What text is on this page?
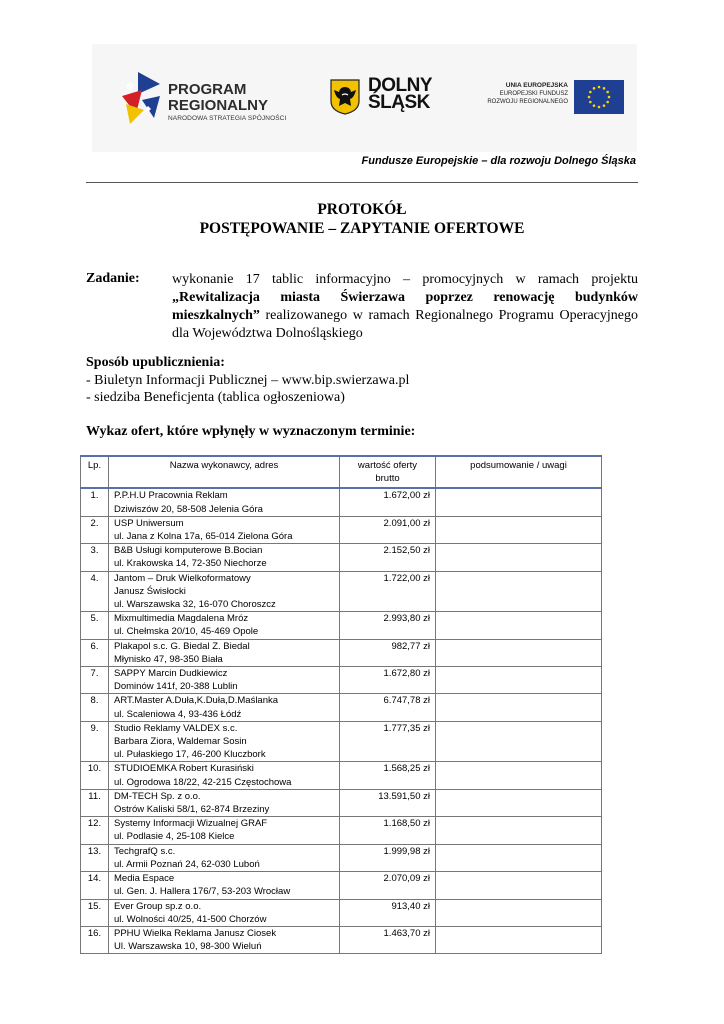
PROGRAM
REGIONALNY
NARODOWA STRATEGIA SPÓJNOŚCI
DOLNY
ŚLĄSK
UNIA EUROPEJSKA
EUROPEJSKI FUNDUSZ
ROZWOJU REGIONALNEGO
Fundusze Europejskie – dla rozwoju Dolnego Śląska
PROTOKÓŁ
POSTĘPOWANIE – ZAPYTANIE OFERTOWE
Zadanie: wykonanie 17 tablic informacyjno – promocyjnych w ramach projektu „Rewitalizacja miasta Świerzawa poprzez renowację budynków mieszkalnych” realizowanego w ramach Regionalnego Programu Operacyjnego dla Województwa Dolnośląskiego
Sposób upublicznienia:
- Biuletyn Informacji Publicznej – www.bip.swierzawa.pl
- siedziba Beneficjenta (tablica ogłoszeniowa)
Wykaz ofert, które wpłynęły w wyznaczonym terminie:
Lp.	Nazwa wykonawcy, adres	wartość oferty brutto	podsumowanie / uwagi
1.	P.P.H.U Pracownia Reklam
Dziwiszów 20, 58-508 Jelenia Góra	1.672,00 zł	
2.	USP Uniwersum
ul. Jana z Kolna 17a, 65-014 Zielona Góra	2.091,00 zł	
3.	B&B Usługi komputerowe B.Bocian
ul. Krakowska 14, 72-350 Niechorze	2.152,50 zł	
4.	Jantom – Druk Wielkoformatowy
Janusz Świsłocki
ul. Warszawska 32, 16-070 Choroszcz	1.722,00 zł	
5.	Mixmultimedia Magdalena Mróz
ul. Chełmska 20/10, 45-469 Opole	2.993,80 zł	
6.	Plakapol s.c. G. Biedal Z. Biedal
Młynisko 47, 98-350 Biała	982,77 zł	
7.	SAPPY Marcin Dudkiewicz
Dominów 141f, 20-388 Lublin	1.672,80 zł	
8.	ART.Master A.Duła,K.Duła,D.Maślanka
ul. Scaleniowa 4, 93-436 Łódź	6.747,78 zł	
9.	Studio Reklamy VALDEX s.c.
Barbara Ziora, Waldemar Sosin
ul. Pułaskiego 17, 46-200 Kluczbork	1.777,35 zł	
10.	STUDIOEMKA Robert Kurasiński
ul. Ogrodowa 18/22, 42-215 Częstochowa	1.568,25 zł	
11.	DM-TECH Sp. z o.o.
Ostrów Kaliski 58/1, 62-874 Brzeziny	13.591,50 zł	
12.	Systemy Informacji Wizualnej GRAF
ul. Podlasie 4, 25-108 Kielce	1.168,50 zł	
13.	TechgrafQ s.c.
ul. Armii Poznań 24, 62-030 Luboń	1.999,98 zł	
14.	Media Espace
ul. Gen. J. Hallera 176/7, 53-203 Wrocław	2.070,09 zł	
15.	Ever Group sp.z o.o.
ul. Wolności 40/25, 41-500 Chorzów	913,40 zł	
16.	PPHU Wielka Reklama Janusz Ciosek
Ul. Warszawska 10, 98-300 Wieluń	1.463,70 zł	
